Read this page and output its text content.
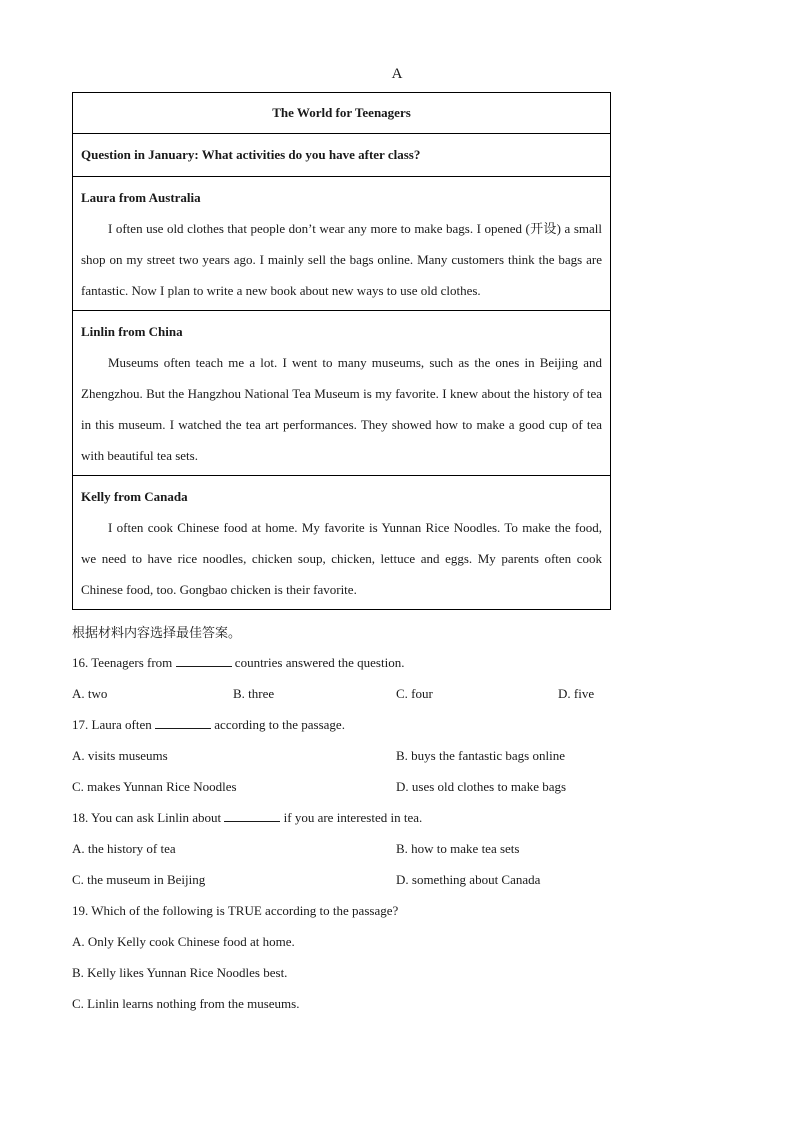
A
The World for Teenagers
Question in January: What activities do you have after class?

Laura from Australia

I often use old clothes that people don’t wear any more to make bags. I opened (开设) a small shop on my street two years ago. I mainly sell the bags online. Many customers think the bags are fantastic. Now I plan to write a new book about new ways to use old clothes.

Linlin from China

Museums often teach me a lot. I went to many museums, such as the ones in Beijing and Zhengzhou. But the Hangzhou National Tea Museum is my favorite. I knew about the history of tea in this museum. I watched the tea art performances. They showed how to make a good cup of tea with beautiful tea sets.

Kelly from Canada

I often cook Chinese food at home. My favorite is Yunnan Rice Noodles. To make the food, we need to have rice noodles, chicken soup, chicken, lettuce and eggs. My parents often cook Chinese food, too. Gongbao chicken is their favorite.

根据材料内容选择最佳答案。
16. Teenagers from	countries answered the question.
A. two	B. three	C. four	D. five
17. Laura often	according to the passage.
A. visits museums	B. buys the fantastic bags online
C. makes Yunnan Rice Noodles	D. uses old clothes to make bags
18. You can ask Linlin about	if you are interested in tea.
A. the history of tea	B. how to make tea sets
C. the museum in Beijing	D. something about Canada
19. Which of the following is TRUE according to the passage?
A. Only Kelly cook Chinese food at home.
B. Kelly likes Yunnan Rice Noodles best.
C. Linlin learns nothing from the museums.
